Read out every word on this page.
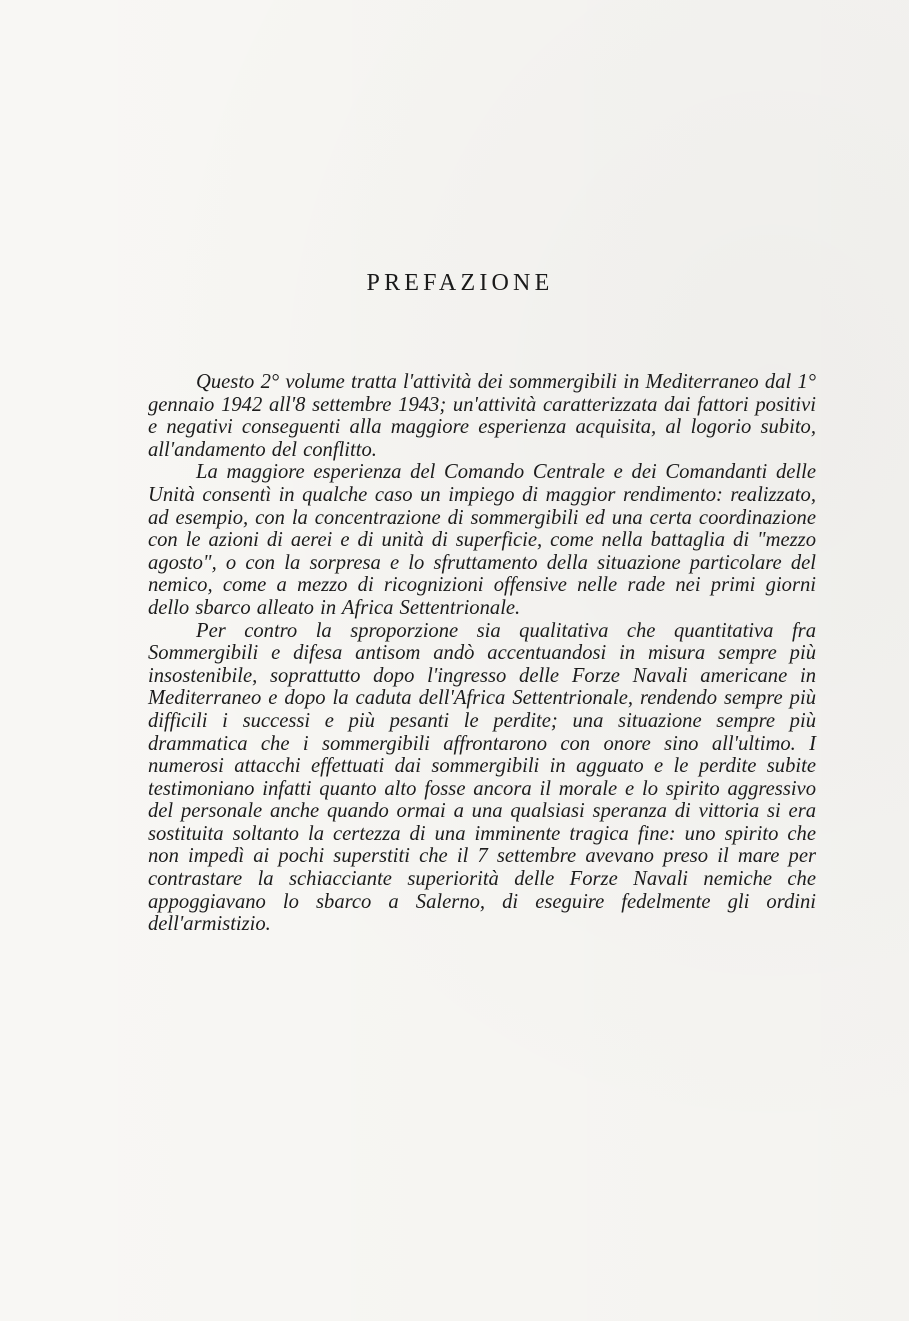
PREFAZIONE

Questo 2° volume tratta l'attività dei sommergibili in Mediterraneo dal 1° gennaio 1942 all'8 settembre 1943; un'attività caratterizzata dai fattori positivi e negativi conseguenti alla maggiore esperienza acquisita, al logorio subito, all'andamento del conflitto.

La maggiore esperienza del Comando Centrale e dei Comandanti delle Unità consentì in qualche caso un impiego di maggior rendimento: realizzato, ad esempio, con la concentrazione di sommergibili ed una certa coordinazione con le azioni di aerei e di unità di superficie, come nella battaglia di "mezzo agosto", o con la sorpresa e lo sfruttamento della situazione particolare del nemico, come a mezzo di ricognizioni offensive nelle rade nei primi giorni dello sbarco alleato in Africa Settentrionale.

Per contro la sproporzione sia qualitativa che quantitativa fra Sommergibili e difesa antisom andò accentuandosi in misura sempre più insostenibile, soprattutto dopo l'ingresso delle Forze Navali americane in Mediterraneo e dopo la caduta dell'Africa Settentrionale, rendendo sempre più difficili i successi e più pesanti le perdite; una situazione sempre più drammatica che i sommergibili affrontarono con onore sino all'ultimo. I numerosi attacchi effettuati dai sommergibili in agguato e le perdite subite testimoniano infatti quanto alto fosse ancora il morale e lo spirito aggressivo del personale anche quando ormai a una qualsiasi speranza di vittoria si era sostituita soltanto la certezza di una imminente tragica fine: uno spirito che non impedì ai pochi superstiti che il 7 settembre avevano preso il mare per contrastare la schiacciante superiorità delle Forze Navali nemiche che appoggiavano lo sbarco a Salerno, di eseguire fedelmente gli ordini dell'armistizio.
